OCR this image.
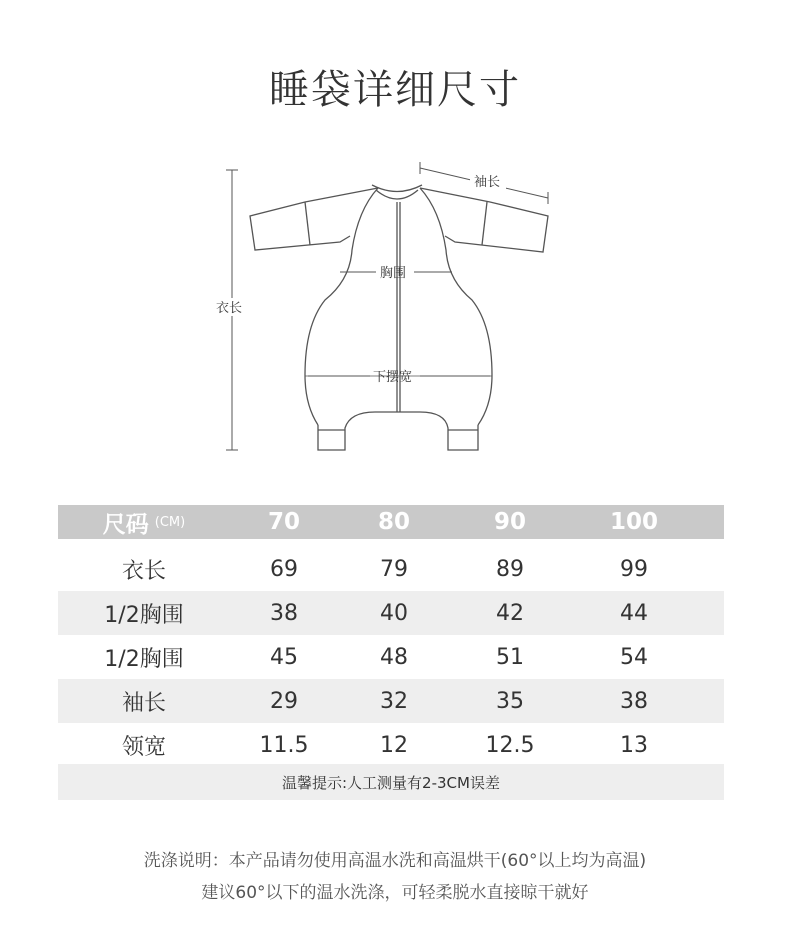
睡袋详细尺寸
衣长
袖长
胸围
下摆宽
尺码 (CM)	70	80	90	100
衣长	69	79	89	99
1/2胸围	38	40	42	44
1/2胸围	45	48	51	54
袖长	29	32	35	38
领宽	11.5	12	12.5	13
温馨提示:人工测量有2-3CM误差
洗涤说明：本产品请勿使用高温水洗和高温烘干(60°以上均为高温)
建议60°以下的温水洗涤，可轻柔脱水直接晾干就好
